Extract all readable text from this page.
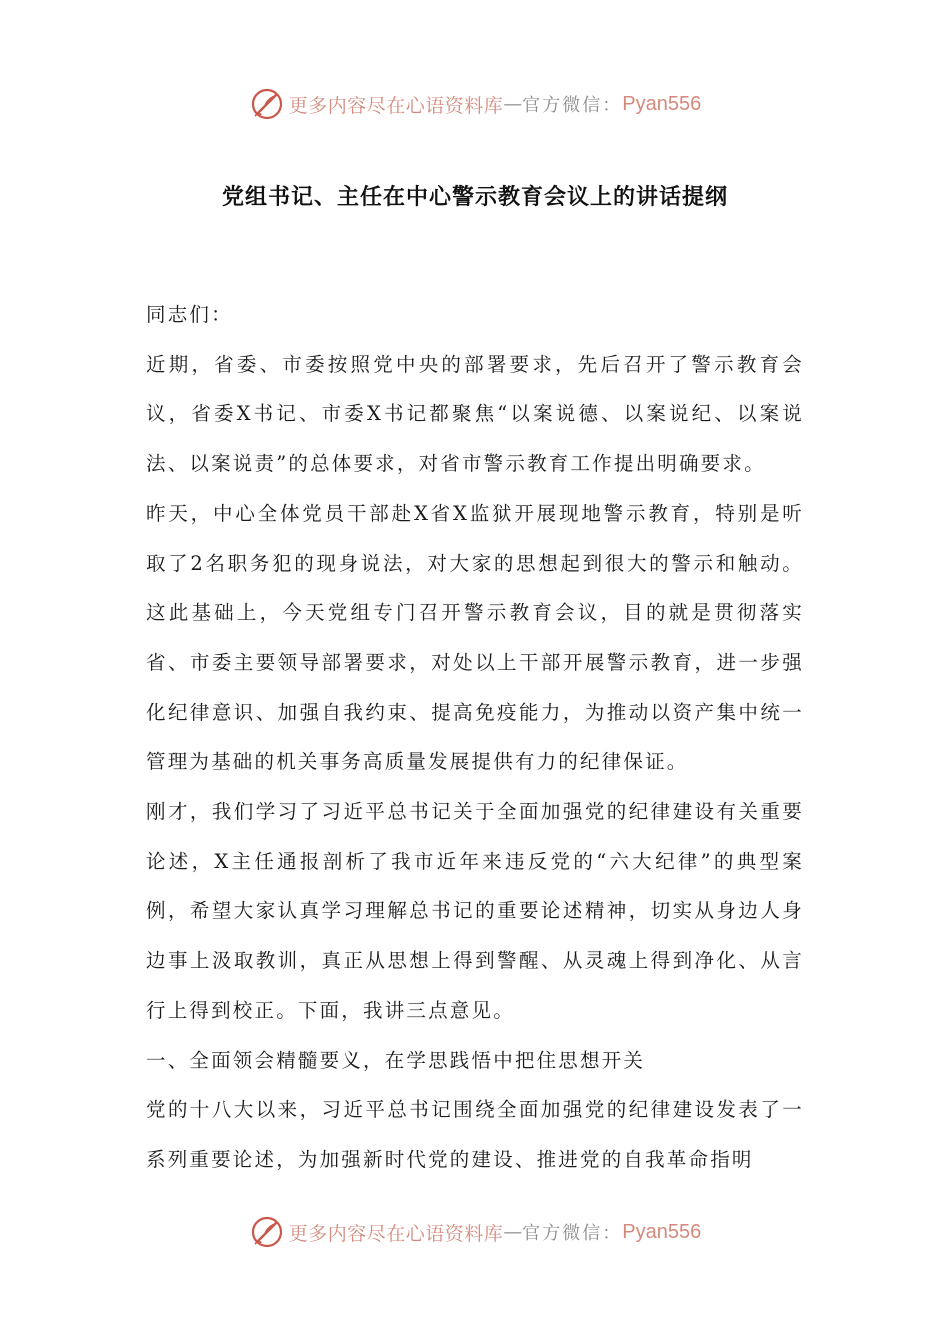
更多内容尽在心语资料库 — 官方微信： Pyan556
党组书记、主任在中心警示教育会议上的讲话提纲

同志们：

近期，省委、市委按照党中央的部署要求，先后召开了警示教育会议，省委X书记、市委X书记都聚焦“以案说德、以案说纪、以案说法、以案说责”的总体要求，对省市警示教育工作提出明确要求。

昨天，中心全体党员干部赴X省X监狱开展现地警示教育，特别是听取了2名职务犯的现身说法，对大家的思想起到很大的警示和触动。这此基础上，今天党组专门召开警示教育会议，目的就是贯彻落实省、市委主要领导部署要求，对处以上干部开展警示教育，进一步强化纪律意识、加强自我约束、提高免疫能力，为推动以资产集中统一管理为基础的机关事务高质量发展提供有力的纪律保证。

刚才，我们学习了习近平总书记关于全面加强党的纪律建设有关重要论述，X主任通报剖析了我市近年来违反党的“六大纪律”的典型案例，希望大家认真学习理解总书记的重要论述精神，切实从身边人身边事上汲取教训，真正从思想上得到警醒、从灵魂上得到净化、从言行上得到校正。下面，我讲三点意见。

一、全面领会精髓要义，在学思践悟中把住思想开关

党的十八大以来，习近平总书记围绕全面加强党的纪律建设发表了一系列重要论述，为加强新时代党的建设、推进党的自我革命指明

更多内容尽在心语资料库 — 官方微信： Pyan556
